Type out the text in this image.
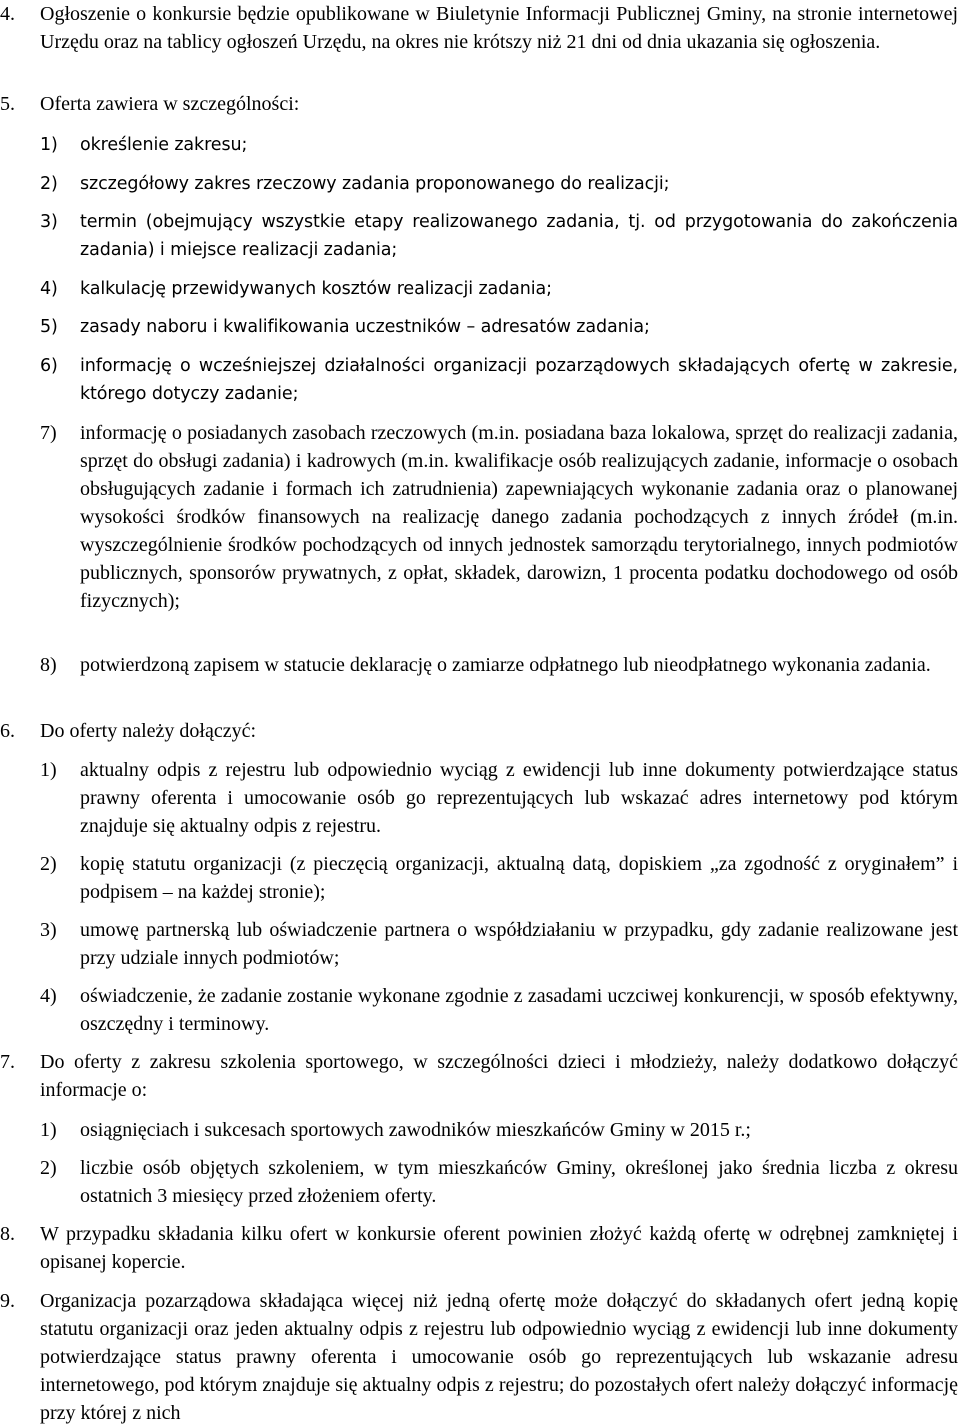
4.	Ogłoszenie o konkursie będzie opublikowane w Biuletynie Informacji Publicznej Gminy, na stronie internetowej Urzędu oraz na tablicy ogłoszeń Urzędu, na okres nie krótszy niż 21 dni od dnia ukazania się ogłoszenia.
5.	Oferta zawiera w szczególności:
1)	określenie zakresu;
2)	szczegółowy zakres rzeczowy zadania proponowanego do realizacji;
3)	termin (obejmujący wszystkie etapy realizowanego zadania, tj. od przygotowania do zakończenia zadania) i miejsce realizacji zadania;
4)	kalkulację przewidywanych kosztów realizacji zadania;
5)	zasady naboru i kwalifikowania uczestników – adresatów zadania;
6)	informację o wcześniejszej działalności organizacji pozarządowych składających ofertę w zakresie, którego dotyczy zadanie;
7)	informację o posiadanych zasobach rzeczowych (m.in. posiadana baza lokalowa, sprzęt do realizacji zadania, sprzęt do obsługi zadania) i kadrowych (m.in. kwalifikacje osób realizujących zadanie, informacje o osobach obsługujących zadanie i formach ich zatrudnienia) zapewniających wykonanie zadania oraz o planowanej wysokości środków finansowych na realizację danego zadania pochodzących z innych źródeł (m.in. wyszczególnienie środków pochodzących od innych jednostek samorządu terytorialnego, innych podmiotów publicznych, sponsorów prywatnych, z opłat, składek, darowizn, 1 procenta podatku dochodowego od osób fizycznych);
8)	potwierdzoną zapisem w statucie deklarację o zamiarze odpłatnego lub nieodpłatnego wykonania zadania.
6.	Do oferty należy dołączyć:
1)	aktualny odpis z rejestru lub odpowiednio wyciąg z ewidencji lub inne dokumenty potwierdzające status prawny oferenta i umocowanie osób go reprezentujących lub wskazać adres internetowy pod którym znajduje się aktualny odpis z rejestru.
2)	kopię statutu organizacji (z pieczęcią organizacji, aktualną datą, dopiskiem „za zgodność z oryginałem” i podpisem – na każdej stronie);
3)	umowę partnerską lub oświadczenie partnera o współdziałaniu w przypadku, gdy zadanie realizowane jest przy udziale innych podmiotów;
4)	oświadczenie, że zadanie zostanie wykonane zgodnie z zasadami uczciwej konkurencji, w sposób efektywny, oszczędny i terminowy.
7.	Do oferty z zakresu szkolenia sportowego, w szczególności dzieci i młodzieży, należy dodatkowo dołączyć informacje o:
1)	osiągnięciach i sukcesach sportowych zawodników mieszkańców Gminy w 2015 r.;
2)	liczbie osób objętych szkoleniem, w tym mieszkańców Gminy, określonej jako średnia liczba z okresu ostatnich 3 miesięcy przed złożeniem oferty.
8.	W przypadku składania kilku ofert w konkursie oferent powinien złożyć każdą ofertę w odrębnej zamkniętej i opisanej kopercie.
9.	Organizacja pozarządowa składająca więcej niż jedną ofertę może dołączyć do składanych ofert jedną kopię statutu organizacji oraz jeden aktualny odpis z rejestru lub odpowiednio wyciąg z ewidencji lub inne dokumenty potwierdzające status prawny oferenta i umocowanie osób go reprezentujących lub wskazanie adresu internetowego, pod którym znajduje się aktualny odpis z rejestru; do pozostałych ofert należy dołączyć informację przy której z nich
